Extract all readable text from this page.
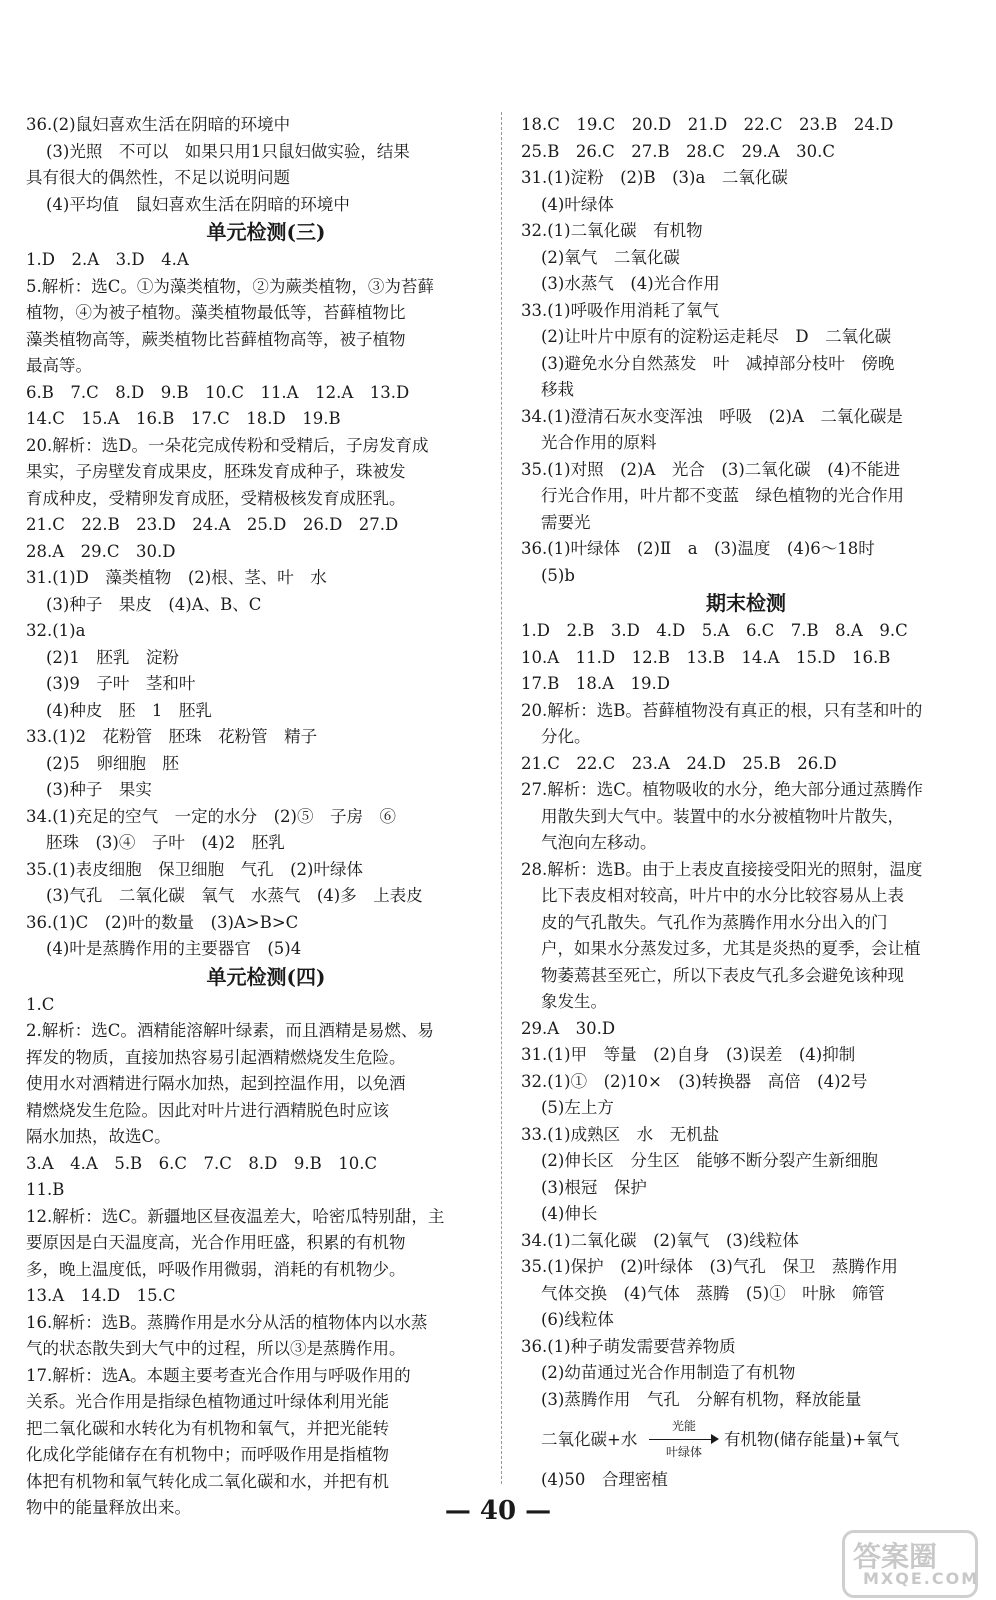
36.(2)鼠妇喜欢生活在阴暗的环境中
(3)光照　不可以　如果只用1只鼠妇做实验，结果
具有很大的偶然性，不足以说明问题
(4)平均值　鼠妇喜欢生活在阴暗的环境中
单元检测(三)
1.D　2.A　3.D　4.A
5.解析：选C。①为藻类植物，②为蕨类植物，③为苔藓
植物，④为被子植物。藻类植物最低等，苔藓植物比
藻类植物高等，蕨类植物比苔藓植物高等，被子植物
最高等。
6.B　7.C　8.D　9.B　10.C　11.A　12.A　13.D
14.C　15.A　16.B　17.C　18.D　19.B
20.解析：选D。一朵花完成传粉和受精后，子房发育成
果实，子房壁发育成果皮，胚珠发育成种子，珠被发
育成种皮，受精卵发育成胚，受精极核发育成胚乳。
21.C　22.B　23.D　24.A　25.D　26.D　27.D
28.A　29.C　30.D
31.(1)D　藻类植物　(2)根、茎、叶　水
(3)种子　果皮　(4)A、B、C
32.(1)a
(2)1　胚乳　淀粉
(3)9　子叶　茎和叶
(4)种皮　胚　1　胚乳
33.(1)2　花粉管　胚珠　花粉管　精子
(2)5　卵细胞　胚
(3)种子　果实
34.(1)充足的空气　一定的水分　(2)⑤　子房　⑥
胚珠　(3)④　子叶　(4)2　胚乳
35.(1)表皮细胞　保卫细胞　气孔　(2)叶绿体
(3)气孔　二氧化碳　氧气　水蒸气　(4)多　上表皮
36.(1)C　(2)叶的数量　(3)A>B>C
(4)叶是蒸腾作用的主要器官　(5)4
单元检测(四)
1.C
2.解析：选C。酒精能溶解叶绿素，而且酒精是易燃、易
挥发的物质，直接加热容易引起酒精燃烧发生危险。
使用水对酒精进行隔水加热，起到控温作用，以免酒
精燃烧发生危险。因此对叶片进行酒精脱色时应该
隔水加热，故选C。
3.A　4.A　5.B　6.C　7.C　8.D　9.B　10.C
11.B
12.解析：选C。新疆地区昼夜温差大，哈密瓜特别甜，主
要原因是白天温度高，光合作用旺盛，积累的有机物
多，晚上温度低，呼吸作用微弱，消耗的有机物少。
13.A　14.D　15.C
16.解析：选B。蒸腾作用是水分从活的植物体内以水蒸
气的状态散失到大气中的过程，所以③是蒸腾作用。
17.解析：选A。本题主要考查光合作用与呼吸作用的
关系。光合作用是指绿色植物通过叶绿体利用光能
把二氧化碳和水转化为有机物和氧气，并把光能转
化成化学能储存在有机物中；而呼吸作用是指植物
体把有机物和氧气转化成二氧化碳和水，并把有机
物中的能量释放出来。
18.C　19.C　20.D　21.D　22.C　23.B　24.D
25.B　26.C　27.B　28.C　29.A　30.C
31.(1)淀粉　(2)B　(3)a　二氧化碳
(4)叶绿体
32.(1)二氧化碳　有机物
(2)氧气　二氧化碳
(3)水蒸气　(4)光合作用
33.(1)呼吸作用消耗了氧气
(2)让叶片中原有的淀粉运走耗尽　D　二氧化碳
(3)避免水分自然蒸发　叶　减掉部分枝叶　傍晚
移栽
34.(1)澄清石灰水变浑浊　呼吸　(2)A　二氧化碳是
光合作用的原料
35.(1)对照　(2)A　光合　(3)二氧化碳　(4)不能进
行光合作用，叶片都不变蓝　绿色植物的光合作用
需要光
36.(1)叶绿体　(2)Ⅱ　a　(3)温度　(4)6～18时
(5)b
期末检测
1.D　2.B　3.D　4.D　5.A　6.C　7.B　8.A　9.C
10.A　11.D　12.B　13.B　14.A　15.D　16.B
17.B　18.A　19.D
20.解析：选B。苔藓植物没有真正的根，只有茎和叶的
分化。
21.C　22.C　23.A　24.D　25.B　26.D
27.解析：选C。植物吸收的水分，绝大部分通过蒸腾作
用散失到大气中。装置中的水分被植物叶片散失，
气泡向左移动。
28.解析：选B。由于上表皮直接接受阳光的照射，温度
比下表皮相对较高，叶片中的水分比较容易从上表
皮的气孔散失。气孔作为蒸腾作用水分出入的门
户，如果水分蒸发过多，尤其是炎热的夏季，会让植
物萎蔫甚至死亡，所以下表皮气孔多会避免该种现
象发生。
29.A　30.D
31.(1)甲　等量　(2)自身　(3)误差　(4)抑制
32.(1)①　(2)10×　(3)转换器　高倍　(4)2号
(5)左上方
33.(1)成熟区　水　无机盐
(2)伸长区　分生区　能够不断分裂产生新细胞
(3)根冠　保护
(4)伸长
34.(1)二氧化碳　(2)氧气　(3)线粒体
35.(1)保护　(2)叶绿体　(3)气孔　保卫　蒸腾作用
气体交换　(4)气体　蒸腾　(5)①　叶脉　筛管
(6)线粒体
36.(1)种子萌发需要营养物质
(2)幼苗通过光合作用制造了有机物
(3)蒸腾作用　气孔　分解有机物，释放能量
二氧化碳+水
光能
叶绿体
有机物(储存能量)+氧气
(4)50　合理密植
— 40 —
答案圈
MXQE.COM
